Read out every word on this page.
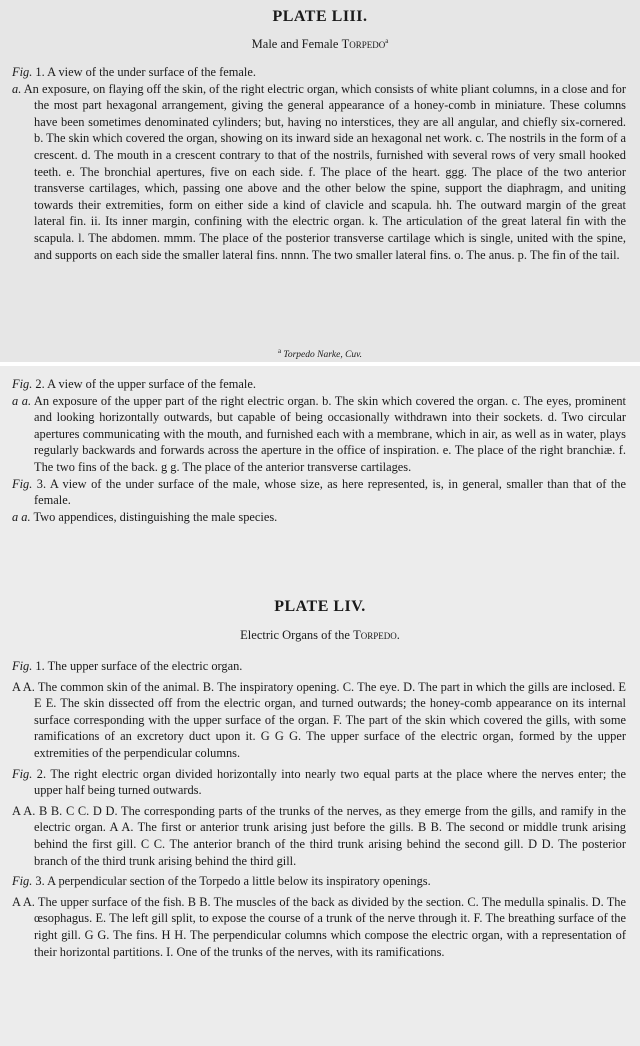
PLATE LIII.
Male and Female Torpedo$^a$

Fig. 1. A view of the under surface of the female.

a. An exposure, on flaying off the skin, of the right electric organ, which consists of white pliant columns, in a close and for the most part hexagonal arrangement, giving the general appearance of a honey-comb in miniature. These columns have been sometimes denominated cylinders; but, having no interstices, they are all angular, and chiefly six-cornered. b. The skin which covered the organ, showing on its inward side an hexagonal net work. c. The nostrils in the form of a crescent. d. The mouth in a crescent contrary to that of the nostrils, furnished with several rows of very small hooked teeth. e. The bronchial apertures, five on each side. f. The place of the heart. ggg. The place of the two anterior transverse cartilages, which, passing one above and the other below the spine, support the diaphragm, and uniting towards their extremities, form on either side a kind of clavicle and scapula. hh. The outward margin of the great lateral fin. ii. Its inner margin, confining with the electric organ. k. The articulation of the great lateral fin with the scapula. l. The abdomen. mmm. The place of the posterior transverse cartilage which is single, united with the spine, and supports on each side the smaller lateral fins. nnnn. The two smaller lateral fins. o. The anus. p. The fin of the tail.

$^a$ Torpedo Narke, Cuv.

Fig. 2. A view of the upper surface of the female.

a a. An exposure of the upper part of the right electric organ. b. The skin which covered the organ. c. The eyes, prominent and looking horizontally outwards, but capable of being occasionally withdrawn into their sockets. d. Two circular apertures communicating with the mouth, and furnished each with a membrane, which in air, as well as in water, plays regularly backwards and forwards across the aperture in the office of inspiration. e. The place of the right branchiæ. f. The two fins of the back. g g. The place of the anterior transverse cartilages.

Fig. 3. A view of the under surface of the male, whose size, as here represented, is, in general, smaller than that of the female.

a a. Two appendices, distinguishing the male species.

PLATE LIV.
Electric Organs of the Torpedo.

Fig. 1. The upper surface of the electric organ.

A A. The common skin of the animal. B. The inspiratory opening. C. The eye. D. The part in which the gills are inclosed. E E E. The skin dissected off from the electric organ, and turned outwards; the honey-comb appearance on its internal surface corresponding with the upper surface of the organ. F. The part of the skin which covered the gills, with some ramifications of an excretory duct upon it. G G G. The upper surface of the electric organ, formed by the upper extremities of the perpendicular columns.

Fig. 2. The right electric organ divided horizontally into nearly two equal parts at the place where the nerves enter; the upper half being turned outwards.

A A. B B. C C. D D. The corresponding parts of the trunks of the nerves, as they emerge from the gills, and ramify in the electric organ. A A. The first or anterior trunk arising just before the gills. B B. The second or middle trunk arising behind the first gill. C C. The anterior branch of the third trunk arising behind the second gill. D D. The posterior branch of the third trunk arising behind the third gill.

Fig. 3. A perpendicular section of the Torpedo a little below its inspiratory openings.

A A. The upper surface of the fish. B B. The muscles of the back as divided by the section. C. The medulla spinalis. D. The œsophagus. E. The left gill split, to expose the course of a trunk of the nerve through it. F. The breathing surface of the right gill. G G. The fins. H H. The perpendicular columns which compose the electric organ, with a representation of their horizontal partitions. I. One of the trunks of the nerves, with its ramifications.
